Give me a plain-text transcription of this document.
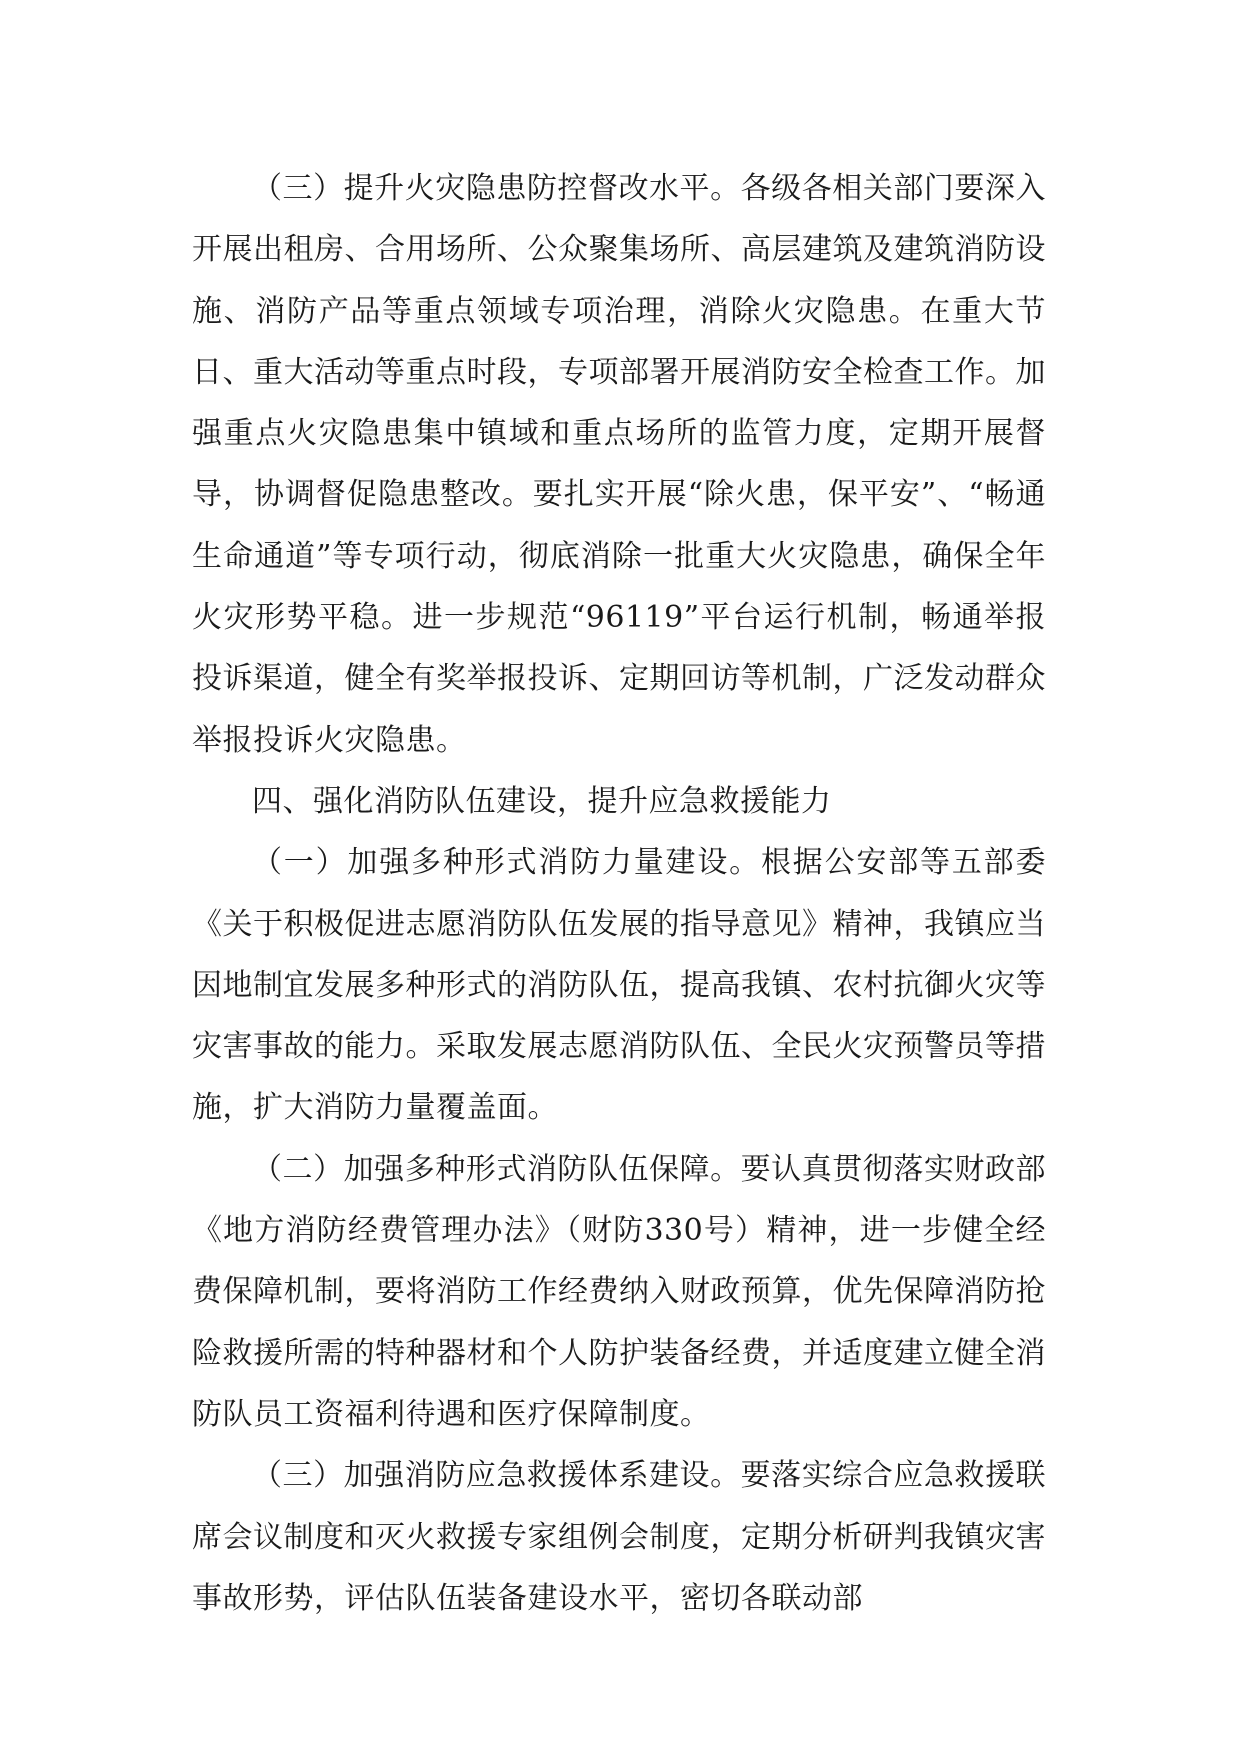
（三）提升火灾隐患防控督改水平。各级各相关部门要深入开展出租房、合用场所、公众聚集场所、高层建筑及建筑消防设施、消防产品等重点领域专项治理，消除火灾隐患。在重大节日、重大活动等重点时段，专项部署开展消防安全检查工作。加强重点火灾隐患集中镇域和重点场所的监管力度，定期开展督导，协调督促隐患整改。要扎实开展“除火患，保平安”、“畅通生命通道”等专项行动，彻底消除一批重大火灾隐患，确保全年火灾形势平稳。进一步规范“96119”平台运行机制，畅通举报投诉渠道，健全有奖举报投诉、定期回访等机制，广泛发动群众举报投诉火灾隐患。

四、强化消防队伍建设，提升应急救援能力

（一）加强多种形式消防力量建设。根据公安部等五部委《关于积极促进志愿消防队伍发展的指导意见》精神，我镇应当因地制宜发展多种形式的消防队伍，提高我镇、农村抗御火灾等灾害事故的能力。采取发展志愿消防队伍、全民火灾预警员等措施，扩大消防力量覆盖面。

（二）加强多种形式消防队伍保障。要认真贯彻落实财政部《地方消防经费管理办法》（财防330号）精神，进一步健全经费保障机制，要将消防工作经费纳入财政预算，优先保障消防抢险救援所需的特种器材和个人防护装备经费，并适度建立健全消防队员工资福利待遇和医疗保障制度。

（三）加强消防应急救援体系建设。要落实综合应急救援联席会议制度和灭火救援专家组例会制度，定期分析研判我镇灾害事故形势，评估队伍装备建设水平，密切各联动部
